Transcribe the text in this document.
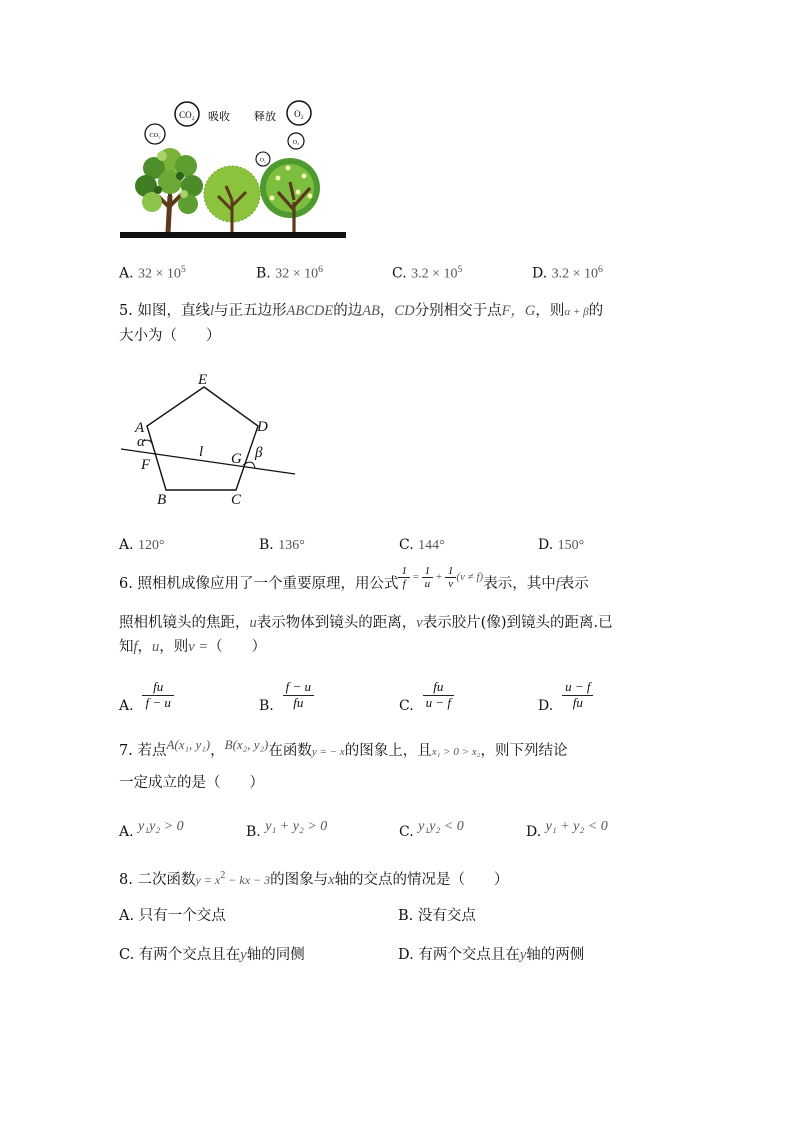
CO₂
CO₂	O₂
O₂
O₂
吸收 释放
A. $32 \times 10^5$	B. $32 \times 10^6$	C. $3.2 \times 10^5$	D. $3.2 \times 10^6$
5. 如图，直线l与正五边形ABCDE的边AB，CD分别相交于点F，G，则α + β的
大小为（　　）
E
A	D
α
F
l G β
B	C
A. 120°	B. 136°	C. 144°	D. 150°
6. 照相机成像应用了一个重要原理，用公式 $\frac{1}{f} = \frac{1}{u} + \frac{1}{v} (v \ne f)$ 表示，其中 f 表示
照相机镜头的焦距，u表示物体到镜头的距离，v表示胶片(像)到镜头的距离.已
知f，u，则v =（　　）
A.
$\frac{fu}{f - u}$	B.
$\frac{f - u}{fu}$	C.
$\frac{fu}{u - f}$	D.
$\frac{u - f}{fu}$
7. 若点A(x₁, y₁)，B(x₂, y₂)在函数y = − x的图象上，且x₁ > 0 > x₂，则下列结论
一定成立的是（　　）
A. y₁y₂ > 0	B. y₁ + y₂ > 0	C. y₁y₂ < 0	D. y₁ + y₂ < 0
8. 二次函数$y = x^2$ − kx − 3的图象与x轴的交点的情况是（　　）
A. 只有一个交点	B. 没有交点
C. 有两个交点且在y轴的同侧	D. 有两个交点且在y轴的两侧
